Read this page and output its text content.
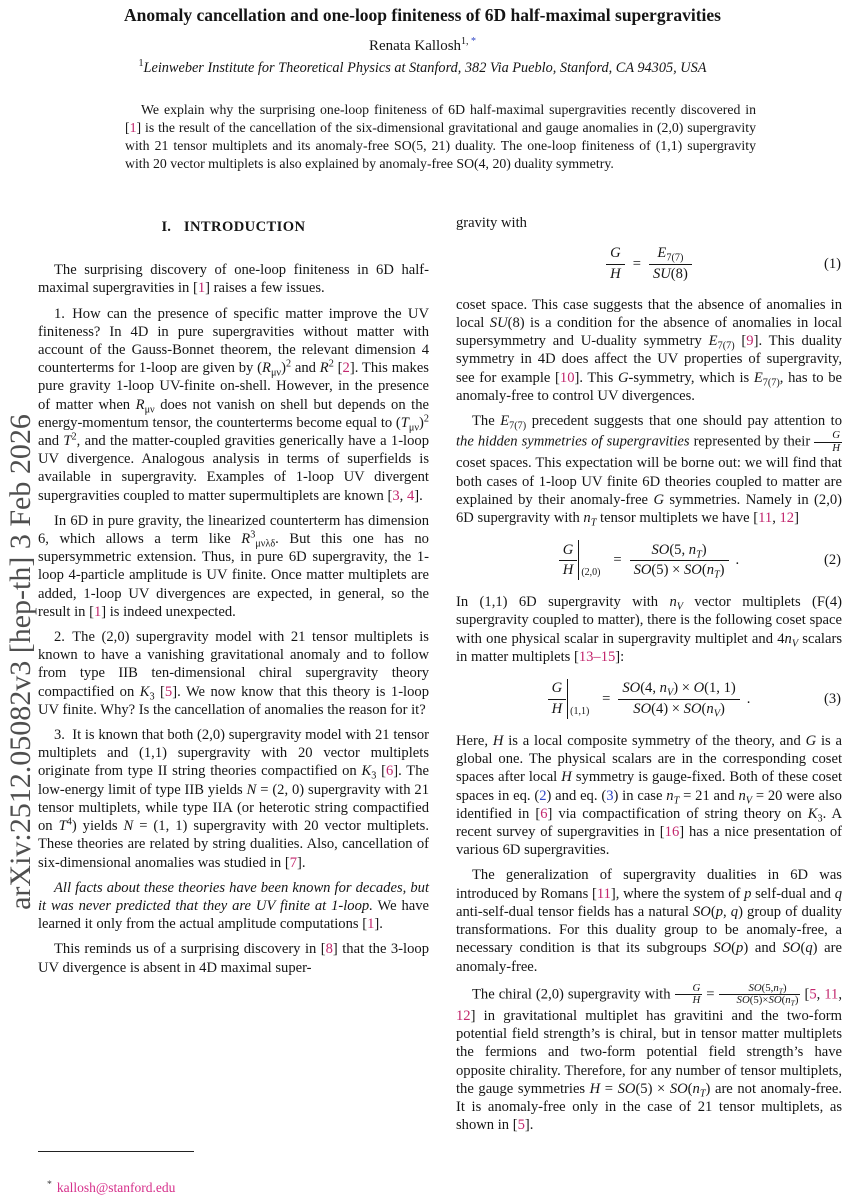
arXiv:2512.05082v3 [hep-th] 3 Feb 2026
Anomaly cancellation and one-loop finiteness of 6D half-maximal supergravities
Renata Kallosh$^{1, *}$
$^1$Leinweber Institute for Theoretical Physics at Stanford, 382 Via Pueblo, Stanford, CA 94305, USA
We explain why the surprising one-loop finiteness of 6D half-maximal supergravities recently discovered in [1] is the result of the cancellation of the six-dimensional gravitational and gauge anomalies in (2,0) supergravity with 21 tensor multiplets and its anomaly-free SO(5, 21) duality. The one-loop finiteness of (1,1) supergravity with 20 vector multiplets is also explained by anomaly-free SO(4, 20) duality symmetry.
I. INTRODUCTION

The surprising discovery of one-loop finiteness in 6D half-maximal supergravities in [1] raises a few issues.

1. How can the presence of specific matter improve the UV finiteness? In 4D in pure supergravities without matter with account of the Gauss-Bonnet theorem, the relevant dimension 4 counterterms for 1-loop are given by $(R_{\mu\nu})^2$ and $R^2$ [2]. This makes pure gravity 1-loop UV-finite on-shell. However, in the presence of matter when $R_{\mu\nu}$ does not vanish on shell but depends on the energy-momentum tensor, the counterterms become equal to $(T_{\mu\nu})^2$ and $T^2$, and the matter-coupled gravities generically have a 1-loop UV divergence. Analogous analysis in terms of superfields is available in supergravity. Examples of 1-loop UV divergent supergravities coupled to matter supermultiplets are known [3, 4].

In 6D in pure gravity, the linearized counterterm has dimension 6, which allows a term like $R^3_{\mu\nu\lambda\delta}$. But this one has no supersymmetric extension. Thus, in pure 6D supergravity, the 1-loop 4-particle amplitude is UV finite. Once matter multiplets are added, 1-loop UV divergences are expected, in general, so the result in [1] is indeed unexpected.

2. The (2,0) supergravity model with 21 tensor multiplets is known to have a vanishing gravitational anomaly and to follow from type IIB ten-dimensional chiral supergravity theory compactified on $K_3$ [5]. We now know that this theory is 1-loop UV finite. Why? Is the cancellation of anomalies the reason for it?

3. It is known that both (2,0) supergravity model with 21 tensor multiplets and (1,1) supergravity with 20 vector multiplets originate from type II string theories compactified on $K_3$ [6]. The low-energy limit of type IIB yields N = (2, 0) supergravity with 21 tensor multiplets, while type IIA (or heterotic string compactified on $T^4$) yields N = (1, 1) supergravity with 20 vector multiplets. These theories are related by string dualities. Also, cancellation of six-dimensional anomalies was studied in [7].

All facts about these theories have been known for decades, but it was never predicted that they are UV finite at 1-loop. We have learned it only from the actual amplitude computations [1].

This reminds us of a surprising discovery in [8] that the 3-loop UV divergence is absent in 4D maximal super-

gravity with

$\frac{G}{H} = \frac{E_{7(7)}}{SU(8)}$	(1)

coset space. This case suggests that the absence of anomalies in local SU(8) is a condition for the absence of anomalies in local supersymmetry and U-duality symmetry $E_{7(7)}$ [9]. This duality symmetry in 4D does affect the UV properties of supergravity, see for example [10]. This G-symmetry, which is $E_{7(7)}$, has to be anomaly-free to control UV divergences.

The $E_{7(7)}$ precedent suggests that one should pay attention to the hidden symmetries of supergravities represented by their $\frac{G}{H}$
coset spaces. This expectation will be borne out: we will find that both cases of 1-loop UV finite 6D theories coupled to matter are explained by their anomaly-free G symmetries. Namely in (2,0) 6D supergravity with $n_T$ tensor multiplets we have [11, 12]

$\frac{G}{H} (2,0)$
= $\frac{SO(5, n_T)}{SO(5) \times SO(n_T)}$ .	(2)

In (1,1) 6D supergravity with $n_V$ vector multiplets (F(4) supergravity coupled to matter), there is the following coset space with one physical scalar in supergravity multiplet and $4n_V$ scalars in matter multiplets [13–15]:

$\frac{G}{H} (1,1)$
= $\frac{SO(4, n_V) \times O(1, 1)}{SO(4) \times SO(n_V)}$ .	(3)

Here, H is a local composite symmetry of the theory, and G is a global one. The physical scalars are in the corresponding coset spaces after local H symmetry is gauge-fixed. Both of these coset spaces in eq. (2) and eq. (3) in case $n_T = 21$ and $n_V = 20$ were also identified in [6] via compactification of string theory on $K_3$. A recent survey of supergravities in [16] has a nice presentation of various 6D supergravities.

The generalization of supergravity dualities in 6D was introduced by Romans [11], where the system of p self-dual and q anti-self-dual tensor fields has a natural SO(p, q) group of duality transformations. For this duality group to be anomaly-free, a necessary condition is that its subgroups SO(p) and SO(q) are anomaly-free.

The chiral (2,0) supergravity with $\frac{G}{H} = \frac{SO(5,n_T)}{SO(5)\times SO(n_T)} [5$, 11, 12] in gravitational multiplet has gravitini and the two-form potential field strength’s is chiral, but in tensor matter multiplets the fermions and two-form potential field strength’s have opposite chirality. Therefore, for any number of tensor multiplets, the gauge symmetries $H = SO(5) \times SO(n_T)$ are not anomaly-free. It is anomaly-free only in the case of 21 tensor multiplets, as shown in [5].

* kallosh@stanford.edu
